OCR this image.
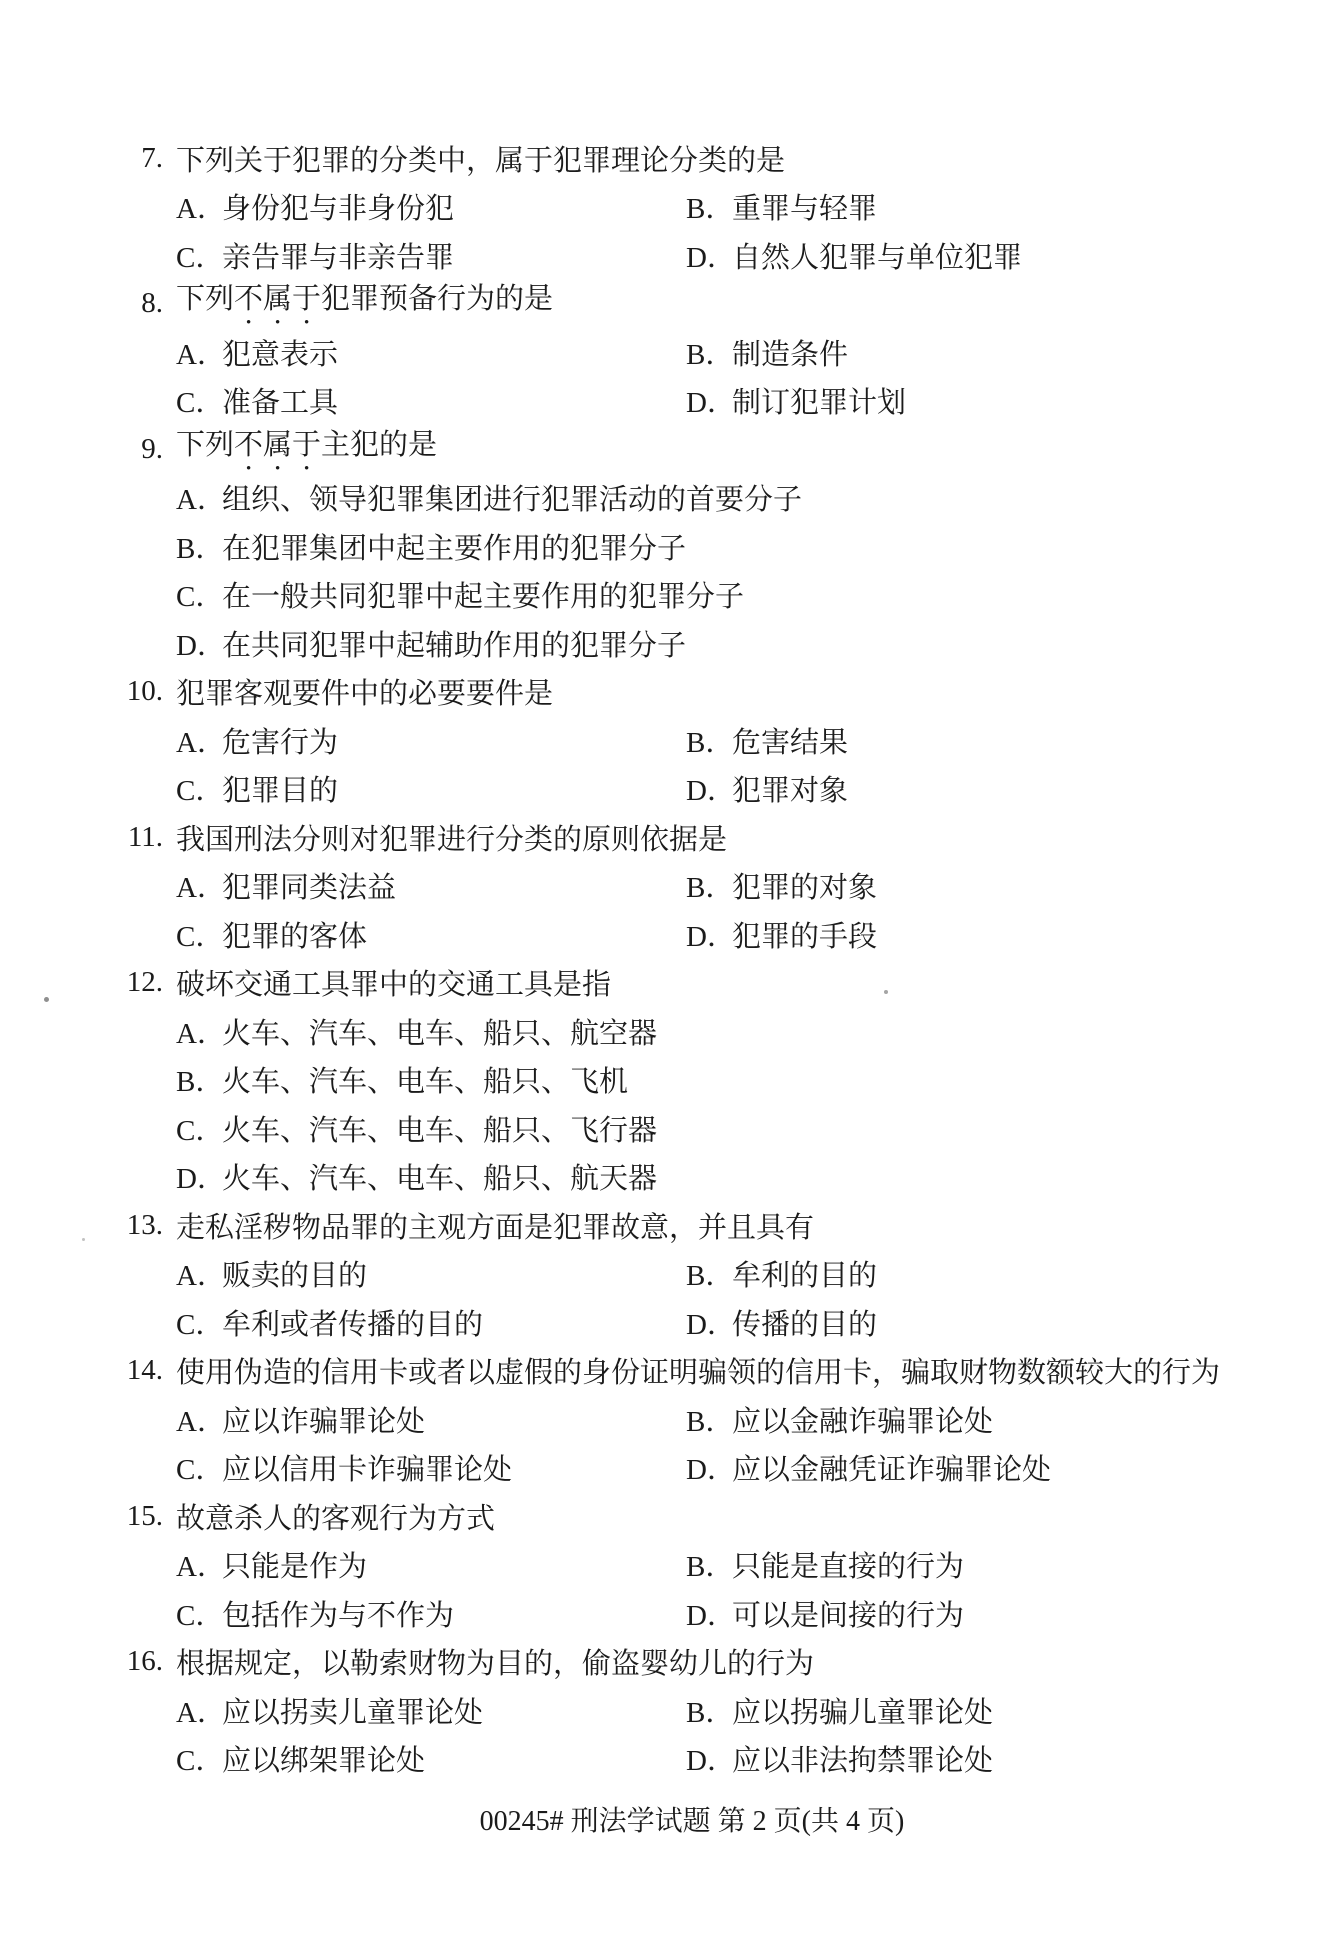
7. 下列关于犯罪的分类中，属于犯罪理论分类的是
A．
身份犯与非身份犯	B．
重罪与轻罪
C．
亲告罪与非亲告罪	D．
自然人犯罪与单位犯罪
8. 下列不属于犯罪预备行为的是
A．
犯意表示	B．
制造条件
C．
准备工具	D．
制订犯罪计划
9. 下列不属于主犯的是
A．
组织、领导犯罪集团进行犯罪活动的首要分子
B．
在犯罪集团中起主要作用的犯罪分子
C．
在一般共同犯罪中起主要作用的犯罪分子
D．
在共同犯罪中起辅助作用的犯罪分子
10. 犯罪客观要件中的必要要件是
A．
危害行为	B．
危害结果
C．
犯罪目的	D．
犯罪对象
11. 我国刑法分则对犯罪进行分类的原则依据是
A．
犯罪同类法益	B．
犯罪的对象
C．
犯罪的客体	D．
犯罪的手段
12. 破坏交通工具罪中的交通工具是指
A．
火车、汽车、电车、船只、航空器
B．
火车、汽车、电车、船只、飞机
C．
火车、汽车、电车、船只、飞行器
D．
火车、汽车、电车、船只、航天器
13. 走私淫秽物品罪的主观方面是犯罪故意，并且具有
A．
贩卖的目的	B．
牟利的目的
C．
牟利或者传播的目的	D．
传播的目的
14. 使用伪造的信用卡或者以虚假的身份证明骗领的信用卡，骗取财物数额较大的行为
A．
应以诈骗罪论处	B．
应以金融诈骗罪论处
C．
应以信用卡诈骗罪论处	D．
应以金融凭证诈骗罪论处
15. 故意杀人的客观行为方式
A．
只能是作为	B．
只能是直接的行为
C．
包括作为与不作为	D．
可以是间接的行为
16. 根据规定，以勒索财物为目的，偷盗婴幼儿的行为
A．
应以拐卖儿童罪论处	B．
应以拐骗儿童罪论处
C．
应以绑架罪论处	D．
应以非法拘禁罪论处
00245# 刑法学试题 第 2 页(共 4 页)
